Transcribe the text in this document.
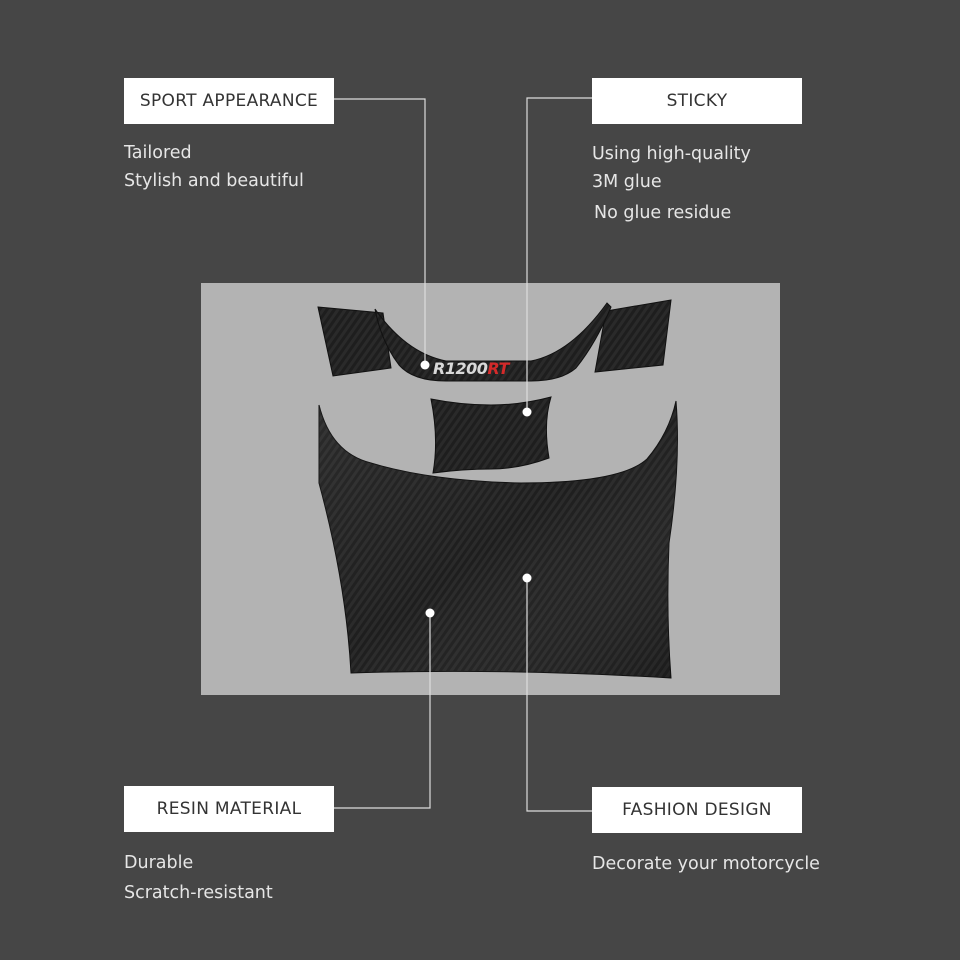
R1200RT
SPORT APPEARANCE
Tailored
Stylish and beautiful
STICKY
Using high-quality
3M glue
No glue residue
RESIN MATERIAL
Durable
Scratch-resistant
FASHION DESIGN
Decorate your motorcycle
